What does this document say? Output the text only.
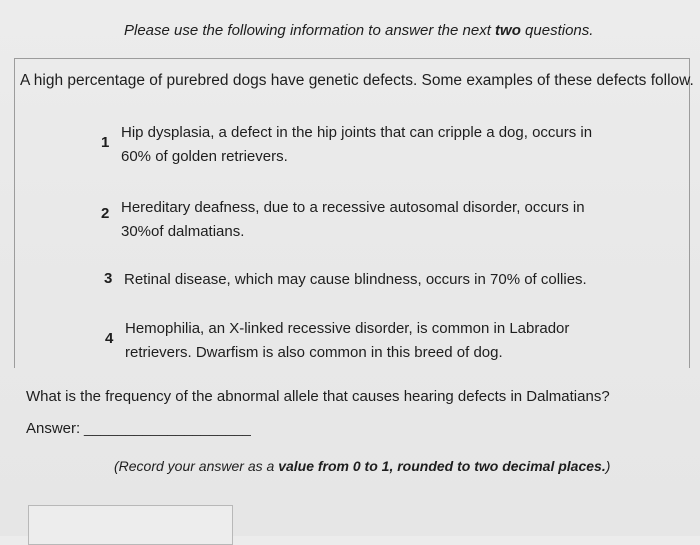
Please use the following information to answer the next two questions.
A high percentage of purebred dogs have genetic defects. Some examples of these defects follow.
1
Hip dysplasia, a defect in the hip joints that can cripple a dog, occurs in
60% of golden retrievers.
2 Hereditary deafness, due to a recessive autosomal disorder, occurs in
30%of dalmatians.
3 Retinal disease, which may cause blindness, occurs in 70% of collies.
4
Hemophilia, an X-linked recessive disorder, is common in Labrador
retrievers. Dwarfism is also common in this breed of dog.
What is the frequency of the abnormal allele that causes hearing defects in Dalmatians?
Answer: ____________________
(Record your answer as a value from 0 to 1, rounded to two decimal places.)
